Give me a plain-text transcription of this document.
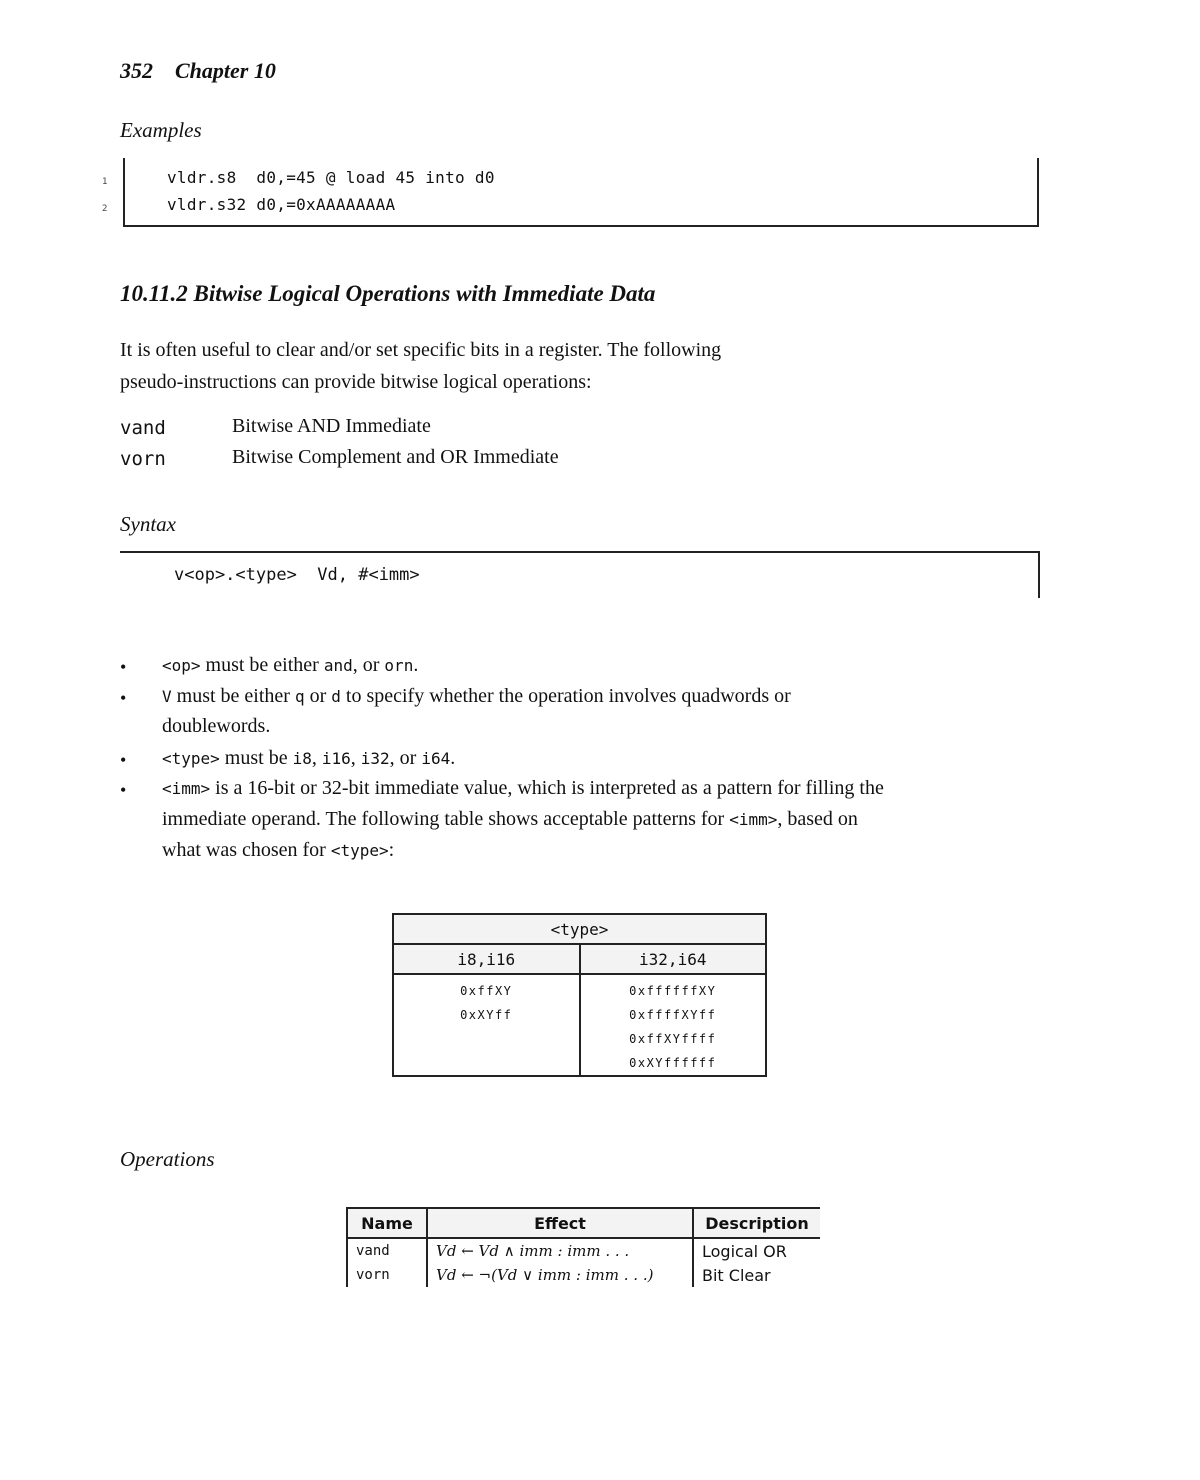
352 Chapter 10
Examples
1
2
vldr.s8  d0,=45 @ load 45 into d0
vldr.s32 d0,=0xAAAAAAAA
10.11.2 Bitwise Logical Operations with Immediate Data
It is often useful to clear and/or set specific bits in a register. The following
pseudo-instructions can provide bitwise logical operations:
vand	Bitwise AND Immediate
vorn	Bitwise Complement and OR Immediate
Syntax
v<op>.<type>  Vd, #<imm>
• <op> must be either and, or orn.
• V must be either q or d to specify whether the operation involves quadwords or
doublewords.
• <type> must be i8, i16, i32, or i64.
• <imm> is a 16-bit or 32-bit immediate value, which is interpreted as a pattern for filling the
immediate operand. The following table shows acceptable patterns for <imm>, based on
what was chosen for <type>:
<type>	
i8,i16	i32,i64
0xffXY	0xffffffXY
0xXYff	0xffffXYff
	0xffXYffff
	0xXYffffff
Operations
Name	Effect	Description
vand	Vd ← Vd ∧ imm : imm . . .	Logical OR
vorn	Vd ← ¬(Vd ∨ imm : imm . . .)	Bit Clear
